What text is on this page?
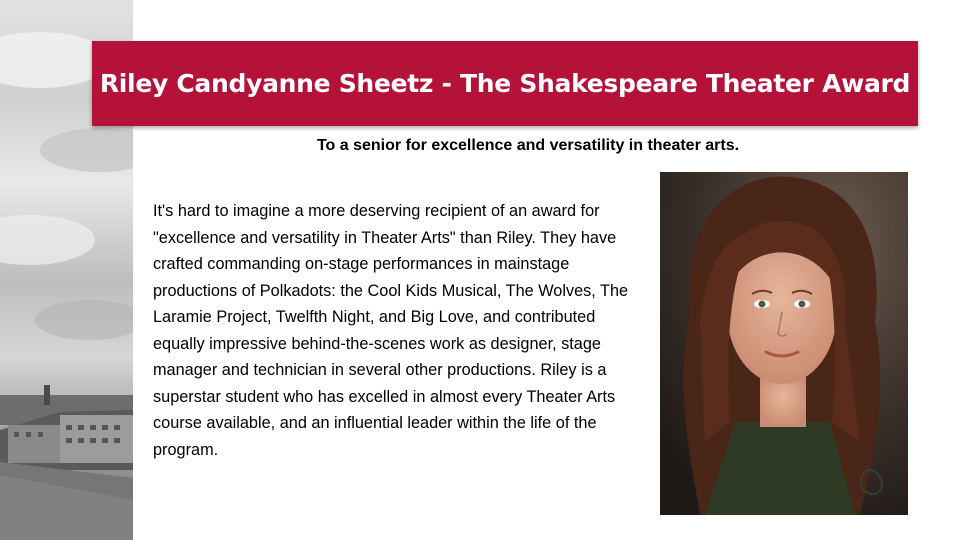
Riley Candyanne Sheetz - The Shakespeare Theater Award
To a senior for excellence and versatility in theater arts.

It's hard to imagine a more deserving recipient of an award for "excellence and versatility in Theater Arts" than Riley. They have crafted commanding on-stage performances in mainstage productions of Polkadots: the Cool Kids Musical, The Wolves, The Laramie Project, Twelfth Night, and Big Love, and contributed equally impressive behind-the-scenes work as designer, stage manager and technician in several other productions. Riley is a superstar student who has excelled in almost every Theater Arts course available, and an influential leader within the life of the program.
